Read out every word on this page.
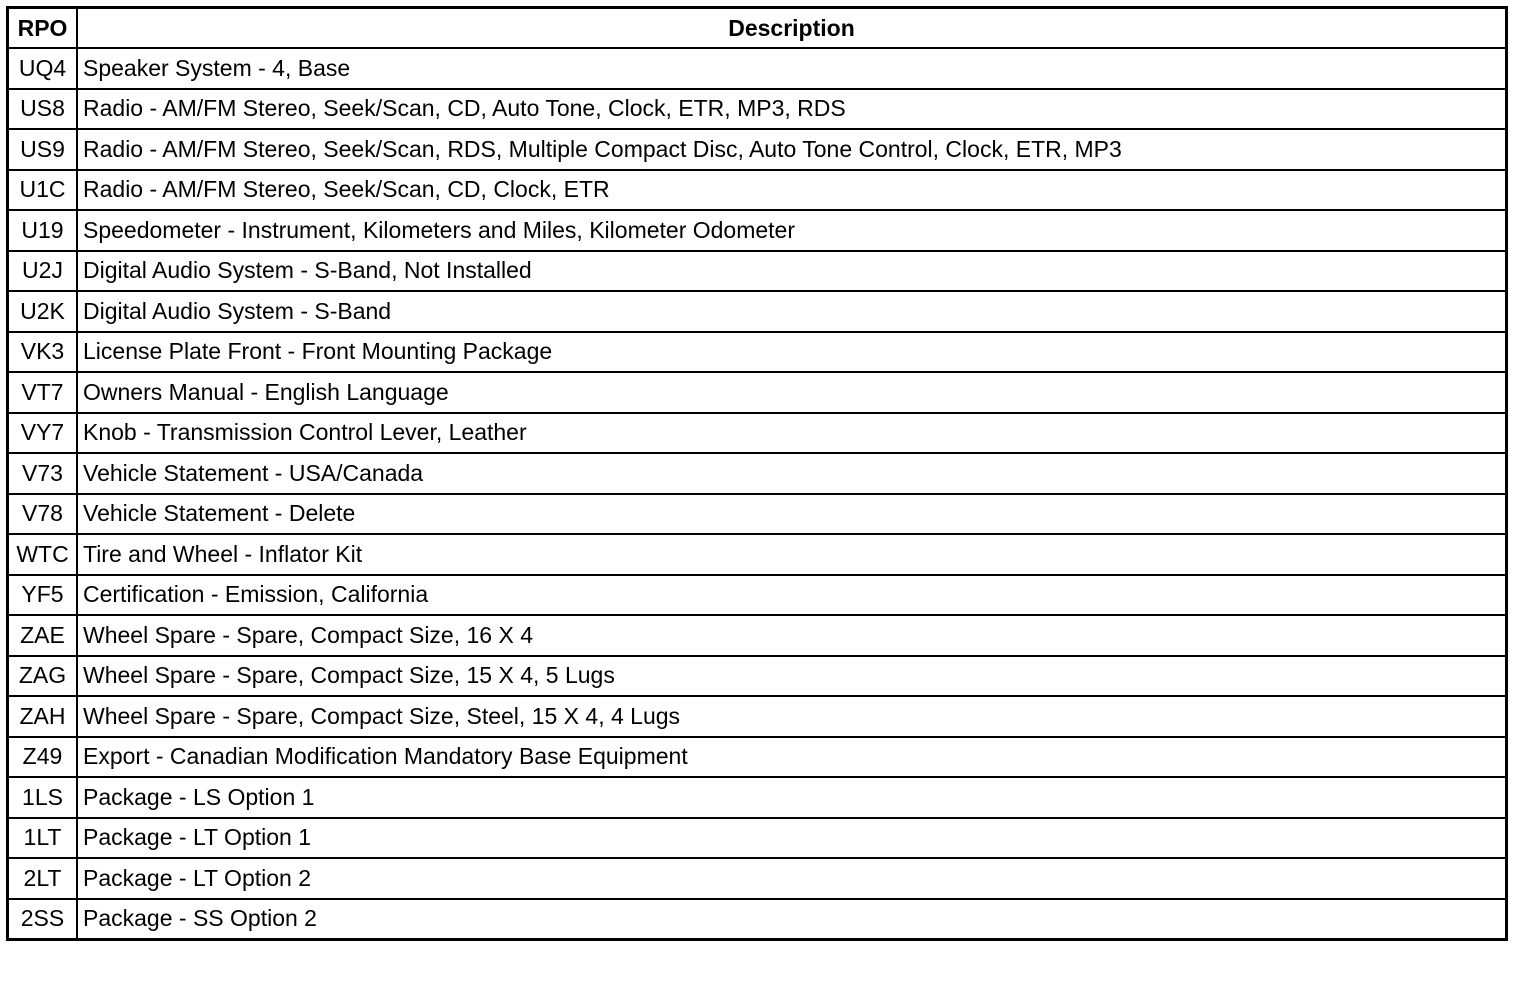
RPO	Description
UQ4	Speaker System - 4, Base
US8	Radio - AM/FM Stereo, Seek/Scan, CD, Auto Tone, Clock, ETR, MP3, RDS
US9	Radio - AM/FM Stereo, Seek/Scan, RDS, Multiple Compact Disc, Auto Tone Control, Clock, ETR, MP3
U1C	Radio - AM/FM Stereo, Seek/Scan, CD, Clock, ETR
U19	Speedometer - Instrument, Kilometers and Miles, Kilometer Odometer
U2J	Digital Audio System - S-Band, Not Installed
U2K	Digital Audio System - S-Band
VK3	License Plate Front - Front Mounting Package
VT7	Owners Manual - English Language
VY7	Knob - Transmission Control Lever, Leather
V73	Vehicle Statement - USA/Canada
V78	Vehicle Statement - Delete
WTC	Tire and Wheel - Inflator Kit
YF5	Certification - Emission, California
ZAE	Wheel Spare - Spare, Compact Size, 16 X 4
ZAG	Wheel Spare - Spare, Compact Size, 15 X 4, 5 Lugs
ZAH	Wheel Spare - Spare, Compact Size, Steel, 15 X 4, 4 Lugs
Z49	Export - Canadian Modification Mandatory Base Equipment
1LS	Package - LS Option 1
1LT	Package - LT Option 1
2LT	Package - LT Option 2
2SS	Package - SS Option 2
